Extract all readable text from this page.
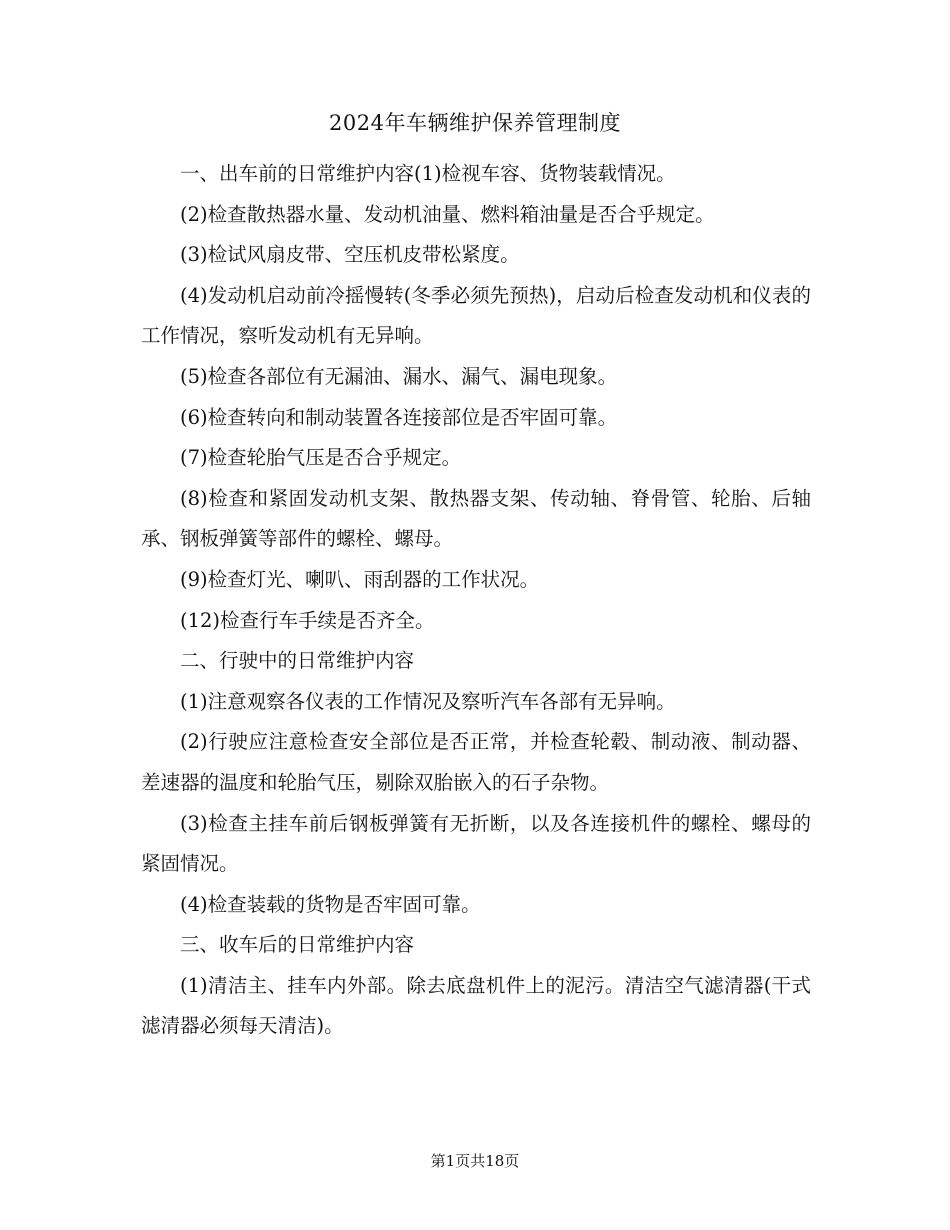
2024年车辆维护保养管理制度

一、出车前的日常维护内容(1)检视车容、货物装载情况。

(2)检查散热器水量、发动机油量、燃料箱油量是否合乎规定。

(3)检试风扇皮带、空压机皮带松紧度。

(4)发动机启动前冷摇慢转(冬季必须先预热)，启动后检查发动机和仪表的工作情况，察听发动机有无异响。

(5)检查各部位有无漏油、漏水、漏气、漏电现象。

(6)检查转向和制动装置各连接部位是否牢固可靠。

(7)检查轮胎气压是否合乎规定。

(8)检查和紧固发动机支架、散热器支架、传动轴、脊骨管、轮胎、后轴承、钢板弹簧等部件的螺栓、螺母。

(9)检查灯光、喇叭、雨刮器的工作状况。

(12)检查行车手续是否齐全。

二、行驶中的日常维护内容

(1)注意观察各仪表的工作情况及察听汽车各部有无异响。

(2)行驶应注意检查安全部位是否正常，并检查轮毂、制动液、制动器、差速器的温度和轮胎气压，剔除双胎嵌入的石子杂物。

(3)检查主挂车前后钢板弹簧有无折断，以及各连接机件的螺栓、螺母的紧固情况。

(4)检查装载的货物是否牢固可靠。

三、收车后的日常维护内容

(1)清洁主、挂车内外部。除去底盘机件上的泥污。清洁空气滤清器(干式滤清器必须每天清洁)。

第1页共18页
